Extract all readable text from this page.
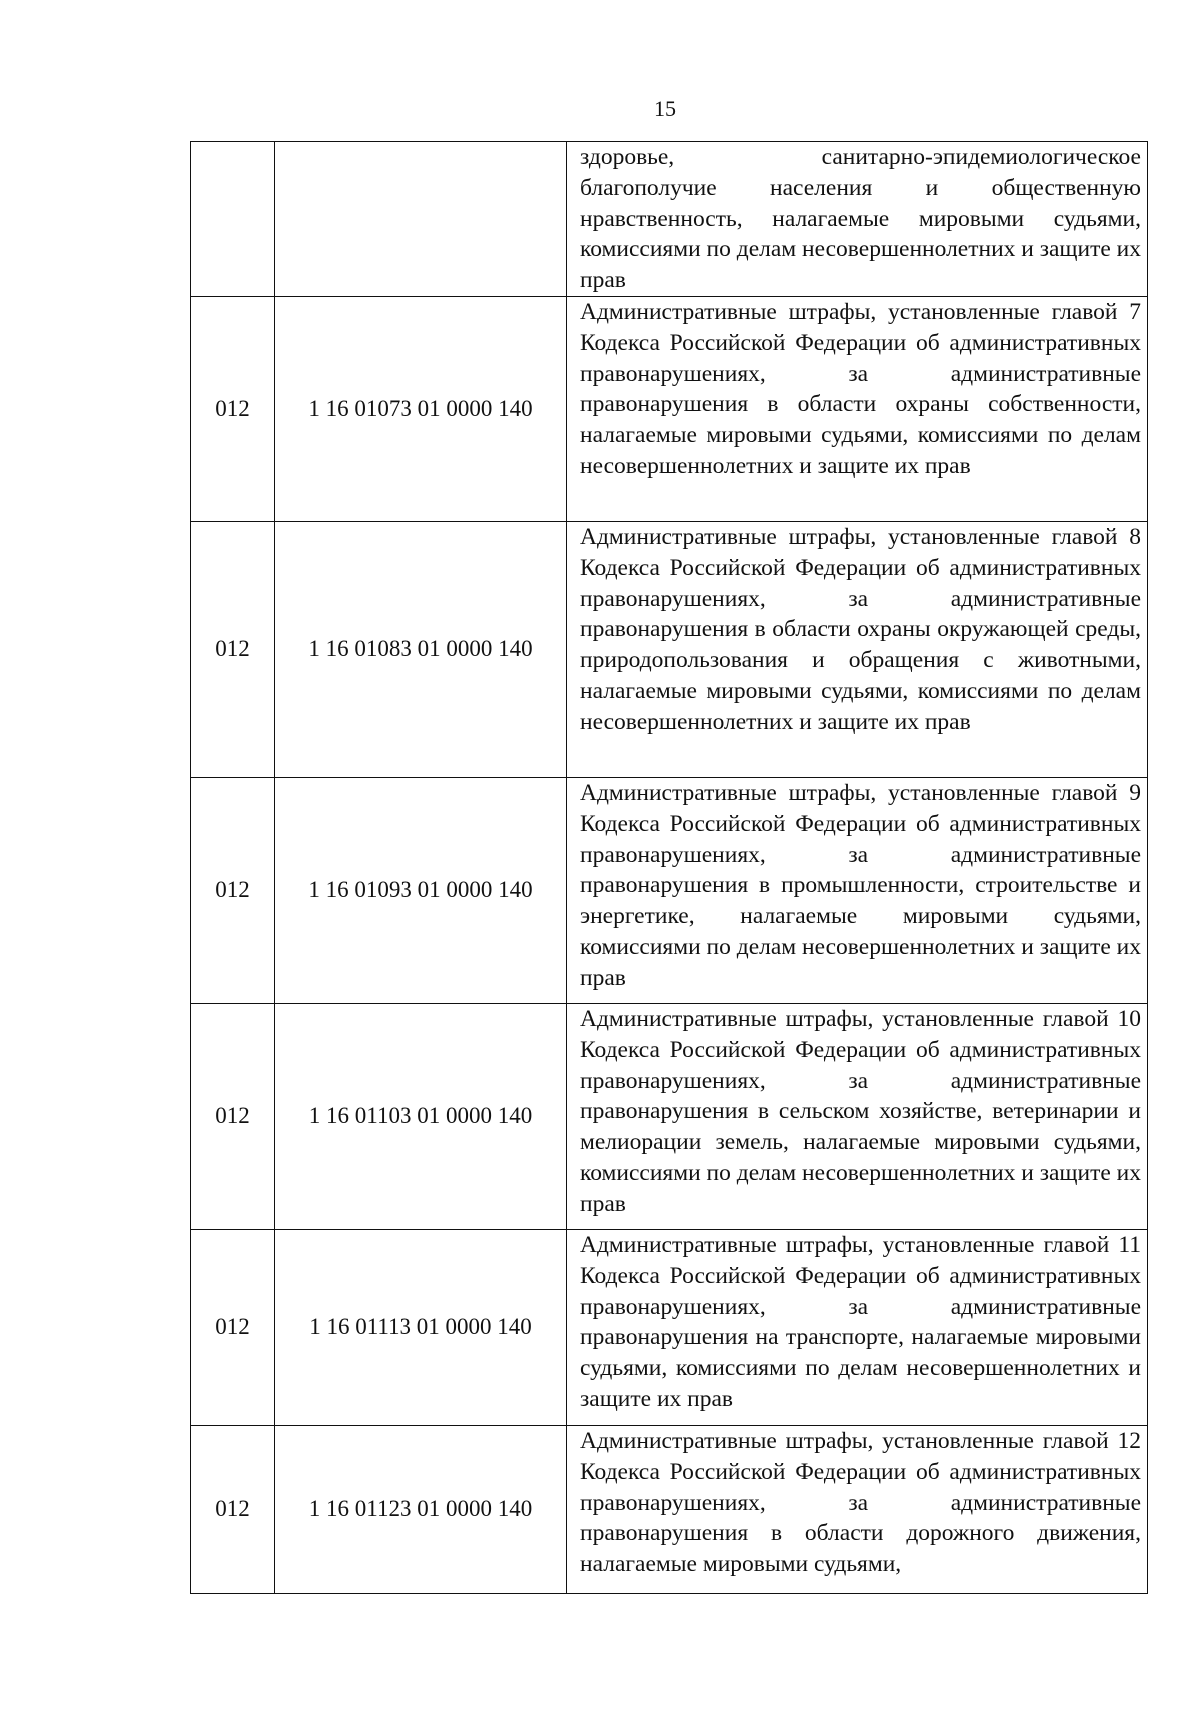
15
		здоровье, санитарно-эпидемиологическое благополучие населения и общественную нравственность, налагаемые мировыми судьями, комиссиями по делам несовершеннолетних и защите их прав
012	1 16 01073 01 0000 140	Административные штрафы, установленные главой 7 Кодекса Российской Федерации об административных правонарушениях, за административные правонарушения в области охраны собственности, налагаемые мировыми судьями, комиссиями по делам несовершеннолетних и защите их прав
012	1 16 01083 01 0000 140	Административные штрафы, установленные главой 8 Кодекса Российской Федерации об административных правонарушениях, за административные правонарушения в области охраны окружающей среды, природопользования и обращения с животными, налагаемые мировыми судьями, комиссиями по делам несовершеннолетних и защите их прав
012	1 16 01093 01 0000 140	Административные штрафы, установленные главой 9 Кодекса Российской Федерации об административных правонарушениях, за административные правонарушения в промышленности, строительстве и энергетике, налагаемые мировыми судьями, комиссиями по делам несовершеннолетних и защите их прав
012	1 16 01103 01 0000 140	Административные штрафы, установленные главой 10 Кодекса Российской Федерации об административных правонарушениях, за административные правонарушения в сельском хозяйстве, ветеринарии и мелиорации земель, налагаемые мировыми судьями, комиссиями по делам несовершеннолетних и защите их прав
012	1 16 01113 01 0000 140	Административные штрафы, установленные главой 11 Кодекса Российской Федерации об административных правонарушениях, за административные правонарушения на транспорте, налагаемые мировыми судьями, комиссиями по делам несовершеннолетних и защите их прав
012	1 16 01123 01 0000 140	Административные штрафы, установленные главой 12 Кодекса Российской Федерации об административных правонарушениях, за административные правонарушения в области дорожного движения, налагаемые мировыми судьями,
